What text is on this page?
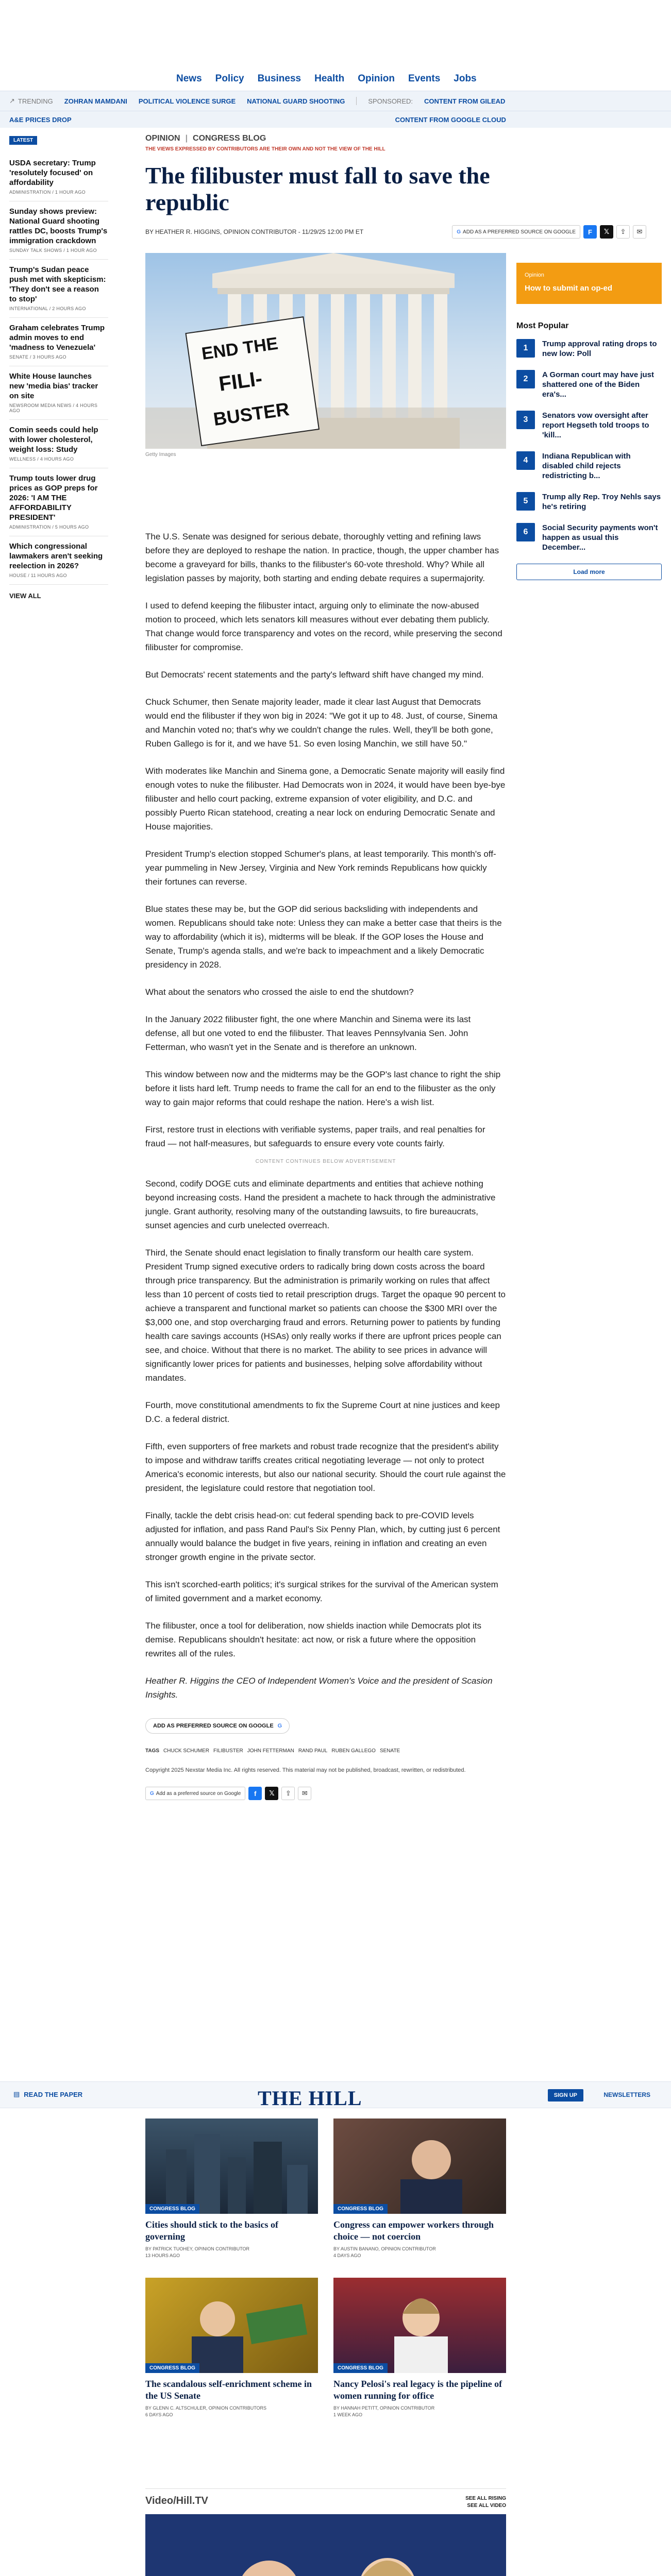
News Policy Business Health Opinion Events Jobs
↗ TRENDING ZOHRAN MAMDANI POLITICAL VIOLENCE SURGE NATIONAL GUARD SHOOTING	SPONSORED: CONTENT FROM GILEAD
A&E PRICES DROP	CONTENT FROM GOOGLE CLOUD
LATEST
USDA secretary: Trump 'resolutely focused' on affordability
ADMINISTRATION / 1 HOUR AGO
Sunday shows preview: National Guard shooting rattles DC, boosts Trump's immigration crackdown
SUNDAY TALK SHOWS / 1 HOUR AGO
Trump's Sudan peace push met with skepticism: 'They don't see a reason to stop'
INTERNATIONAL / 2 HOURS AGO
Graham celebrates Trump admin moves to end 'madness to Venezuela'
SENATE / 3 HOURS AGO
White House launches new 'media bias' tracker on site
NEWSROOM MEDIA NEWS / 4 HOURS AGO
Comin seeds could help with lower cholesterol, weight loss: Study
WELLNESS / 4 HOURS AGO
Trump touts lower drug prices as GOP preps for 2026: 'I AM THE AFFORDABILITY PRESIDENT'
ADMINISTRATION / 5 HOURS AGO
Which congressional lawmakers aren't seeking reelection in 2026?
HOUSE / 11 HOURS AGO
VIEW ALL
OPINION | CONGRESS BLOG
THE VIEWS EXPRESSED BY CONTRIBUTORS ARE THEIR OWN AND NOT THE VIEW OF THE HILL
The filibuster must fall to save the republic
BY HEATHER R. HIGGINS, OPINION CONTRIBUTOR - 11/29/25 12:00 PM ET	G ADD AS A PREFERRED SOURCE ON GOOGLE	F	𝕏	⇪	✉
END THE
FILI-
BUSTER
Getty Images

The U.S. Senate was designed for serious debate, thoroughly vetting and refining laws before they are deployed to reshape the nation. In practice, though, the upper chamber has become a graveyard for bills, thanks to the filibuster's 60-vote threshold. Why? While all legislation passes by majority, both starting and ending debate requires a supermajority.

I used to defend keeping the filibuster intact, arguing only to eliminate the now-abused motion to proceed, which lets senators kill measures without ever debating them publicly. That change would force transparency and votes on the record, while preserving the second filibuster for compromise.

But Democrats' recent statements and the party's leftward shift have changed my mind.

Chuck Schumer, then Senate majority leader, made it clear last August that Democrats would end the filibuster if they won big in 2024: "We got it up to 48. Just, of course, Sinema and Manchin voted no; that's why we couldn't change the rules. Well, they'll be both gone, Ruben Gallego is for it, and we have 51. So even losing Manchin, we still have 50."

With moderates like Manchin and Sinema gone, a Democratic Senate majority will easily find enough votes to nuke the filibuster. Had Democrats won in 2024, it would have been bye-bye filibuster and hello court packing, extreme expansion of voter eligibility, and D.C. and possibly Puerto Rican statehood, creating a near lock on enduring Democratic Senate and House majorities.

President Trump's election stopped Schumer's plans, at least temporarily. This month's off-year pummeling in New Jersey, Virginia and New York reminds Republicans how quickly their fortunes can reverse.

Blue states these may be, but the GOP did serious backsliding with independents and women. Republicans should take note: Unless they can make a better case that theirs is the way to affordability (which it is), midterms will be bleak. If the GOP loses the House and Senate, Trump's agenda stalls, and we're back to impeachment and a likely Democratic presidency in 2028.

What about the senators who crossed the aisle to end the shutdown?

In the January 2022 filibuster fight, the one where Manchin and Sinema were its last defense, all but one voted to end the filibuster. That leaves Pennsylvania Sen. John Fetterman, who wasn't yet in the Senate and is therefore an unknown.

This window between now and the midterms may be the GOP's last chance to right the ship before it lists hard left. Trump needs to frame the call for an end to the filibuster as the only way to gain major reforms that could reshape the nation. Here's a wish list.

First, restore trust in elections with verifiable systems, paper trails, and real penalties for fraud — not half-measures, but safeguards to ensure every vote counts fairly.

CONTENT CONTINUES BELOW ADVERTISEMENT

Second, codify DOGE cuts and eliminate departments and entities that achieve nothing beyond increasing costs. Hand the president a machete to hack through the administrative jungle. Grant authority, resolving many of the outstanding lawsuits, to fire bureaucrats, sunset agencies and curb unelected overreach.

Third, the Senate should enact legislation to finally transform our health care system. President Trump signed executive orders to radically bring down costs across the board through price transparency. But the administration is primarily working on rules that affect less than 10 percent of costs tied to retail prescription drugs. Target the opaque 90 percent to achieve a transparent and functional market so patients can choose the $300 MRI over the $3,000 one, and stop overcharging fraud and errors. Returning power to patients by funding health care savings accounts (HSAs) only really works if there are upfront prices people can see, and choice. Without that there is no market. The ability to see prices in advance will significantly lower prices for patients and businesses, helping solve affordability without mandates.

Fourth, move constitutional amendments to fix the Supreme Court at nine justices and keep D.C. a federal district.

Fifth, even supporters of free markets and robust trade recognize that the president's ability to impose and withdraw tariffs creates critical negotiating leverage — not only to protect America's economic interests, but also our national security. Should the court rule against the president, the legislature could restore that negotiation tool.

Finally, tackle the debt crisis head-on: cut federal spending back to pre-COVID levels adjusted for inflation, and pass Rand Paul's Six Penny Plan, which, by cutting just 6 percent annually would balance the budget in five years, reining in inflation and creating an even stronger growth engine in the private sector.

This isn't scorched-earth politics; it's surgical strikes for the survival of the American system of limited government and a market economy.

The filibuster, once a tool for deliberation, now shields inaction while Democrats plot its demise. Republicans shouldn't hesitate: act now, or risk a future where the opposition rewrites all of the rules.

Heather R. Higgins the CEO of Independent Women's Voice and the president of Scasion Insights.

ADD AS PREFERRED SOURCE ON GOOGLE G
TAGS CHUCK SCHUMER FILIBUSTER JOHN FETTERMAN RAND PAUL RUBEN GALLEGO SENATE
Copyright 2025 Nexstar Media Inc. All rights reserved. This material may not be published, broadcast, rewritten, or redistributed.
G Add as a preferred source on Google	f	𝕏	⇪	✉
Opinion
How to submit an op-ed
Most Popular
1	Trump approval rating drops to new low: Poll
2	A Gorman court may have just shattered one of the Biden era's...
3	Senators vow oversight after report Hegseth told troops to 'kill...
4	Indiana Republican with disabled child rejects redistricting b...
5	Trump ally Rep. Troy Nehls says he's retiring
6	Social Security payments won't happen as usual this December...
Load more
▤ READ THE PAPER	THE HILL	SIGN UP	NEWSLETTERS
CONGRESS BLOG
Cities should stick to the basics of governing
BY PATRICK TUOHEY, OPINION CONTRIBUTOR
13 HOURS AGO
CONGRESS BLOG
Congress can empower workers through choice — not coercion
BY AUSTIN BANANO, OPINION CONTRIBUTOR
4 DAYS AGO
CONGRESS BLOG
The scandalous self-enrichment scheme in the US Senate
BY GLENN C. ALTSCHULER, OPINION CONTRIBUTORS
6 DAYS AGO
CONGRESS BLOG
Nancy Pelosi's real legacy is the pipeline of women running for office
BY HANNAH PETITT, OPINION CONTRIBUTOR
1 WEEK AGO
Video/Hill.TV	SEE ALL RISING
SEE ALL VIDEO
